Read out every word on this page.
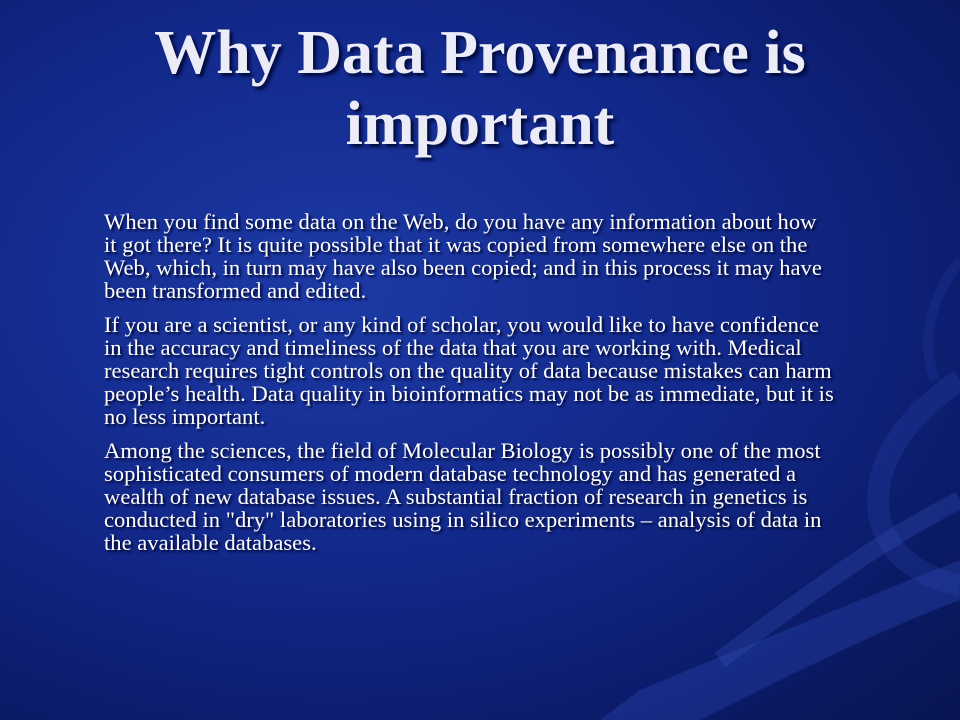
Why Data Provenance is important

When you find some data on the Web, do you have any information about how it got there? It is quite possible that it was copied from somewhere else on the Web, which, in turn may have also been copied; and in this process it may have been transformed and edited.

If you are a scientist, or any kind of scholar, you would like to have confidence in the accuracy and timeliness of the data that you are working with. Medical research requires tight controls on the quality of data because mistakes can harm people’s health. Data quality in bioinformatics may not be as immediate, but it is no less important.

Among the sciences, the field of Molecular Biology is possibly one of the most sophisticated consumers of modern database technology and has generated a wealth of new database issues. A substantial fraction of research in genetics is conducted in "dry" laboratories using in silico experiments – analysis of data in the available databases.
